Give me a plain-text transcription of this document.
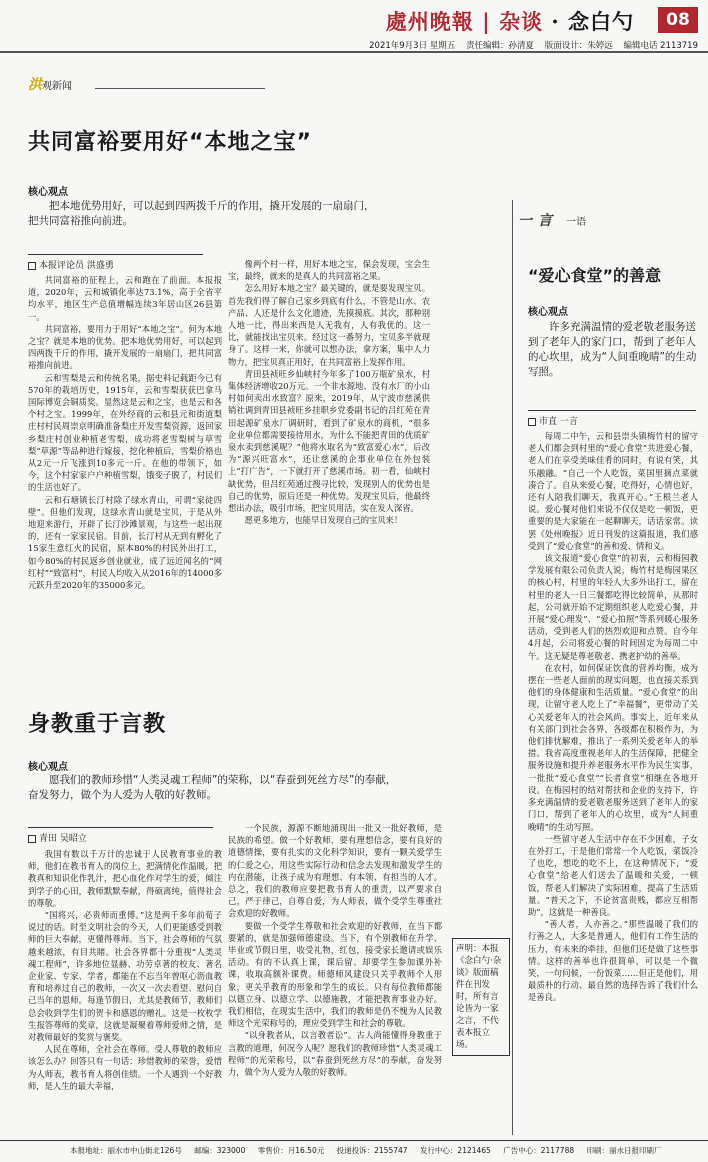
處州晚報 | 杂谈 · 念白勺	08
2021年9月3日 星期五 责任编辑：孙清夏 版面设计：朱婷远 编辑电话 2113719
洪观新闻
共同富裕要用好“本地之宝”
核心观点
把本地优势用好，可以起到四两拨千斤的作用，撬开发展的一扇扇门，把共同富裕推向前进。
本报评论员 洪盛勇

共同富裕的征程上，云和跑在了前面。本报报道，2020年，云和城镇化率达73.1%，高于全省平均水平，地区生产总值增幅连续3年居山区26县第一。

共同富裕，要用力于用好“本地之宝”。何为本地之宝？就是本地的优势。把本地优势用好，可以起到四两拨千斤的作用，撬开发展的一扇扇门，把共同富裕推向前进。

云和雪梨是云和传统名果，据史料记载距今已有570年的栽培历史，1915年，云和雪梨获获巴拿马国际博览会铜质奖。显然这是云和之宝，也是云和各个村之宝。1999年，在外经商的云和县元和街道梨庄村村民周崇京明确准备梨庄开发雪梨资源，返回家乡梨庄村创业种植老雪梨，成功将老雪梨树与草雪梨“草源”等品种进行嫁接，挖化种植后，雪梨价格也从2元一斤飞涨到10多元一斤。在他的带领下，如今，这个村家家户户种植雪梨，饿变子脱了，村民们的生活也好了。

云和石塘镇长汀村除了绿水青山，可谓“家徒四壁”。但他们发现，这绿水青山就是宝贝，于是从外地迎来游行，开辟了长汀沙滩景观，与这些一起出现的，还有一家家民宿。目前，长汀村从无到有孵化了15家生意红火的民宿，原本80%的村民外出打工，如今80%的村民返乡创业就业，成了远近闻名的“网红村”“致富村”，村民人均收入从2016年的14000多元跃升至2020年的35000多元。

像两个村一样，用好本地之宝，保会发现，宝会生宝，最终，就来的是真人的共同富裕之果。

怎么用好本地之宝？最关键的，就是要发现宝贝。首先我们得了解自己家乡到底有什么，不管是山水、农产品、人还是什么文化遗迹，先摸摸底。其次，那种别人地一比，得出来西是人无我有，人有我优的。这一比，就能找出宝贝来。经过这一番努力，宝贝多半就现身了。这样一来，你就可以想办法，拿方案，集中人力物力，把宝贝真正用好，在共同富裕上发挥作用。

青田县祯旺乡仙峡村今年多了100万瓶矿泉水，村集体经济增收20万元。一个非水源地、没有水厂的小山村如何卖出水致富？原来，2019年，从宁波市慈溪供销社调到青田县祯旺乡挂职乡党委副书记的吕红苑在青田起源矿泉水厂调研时，看到了矿泉水的商机，“很多企业单位都需要接待用水，为什么不能把青田的优质矿泉水卖到慈溪呢？”他将水取名为“致富爱心水”，后改为“源兴旺富水”，还让慈溪的企事业单位在外包装上“打广告”，一下就打开了慈溪市场。初一看，仙峡村缺优势，但吕红苑通过搜寻比较，发现别人的优势也是自己的优势，原后还是一种优势。发现宝贝后，他最终想出办法，吸引市场，把宝贝用活，实在发人深省。

愿更多地方，也能早日发现自己的宝贝来！

身教重于言教
核心观点
愿我们的教师珍惜“人类灵魂工程师”的荣称，以“春蚕到死丝方尽”的奉献，奋发努力，做个为人爱为人敬的好教师。
青田 吴昭立

我国有数以千万计的忠诚于人民教育事业的教师，他们在教书育人的岗位上，把满情化作温暖，把教真和知识化作乳汁，把心血化作对学生的爱，倾注到学子的心田，教师默默奉献，得硕离纯，值得社会的尊敬。

“国将兴，必贵师而重傅。”这是两千多年前荀子说过的话。时至文明社会的今天，人们更能感受到教师的巨大奉献，更懂得尊师。当下，社会尊师的气氛越来越浓，有目共睹。社会各界都十分重视“人类灵魂工程师”，许多地位显赫、功劳卓著的校友、著名企业家、专家、学者，都能在不忘当年曾呕心沥血教育和培养过自己的教师，一次又一次去看望、慰问自己当年的恩师。每逢节假日，尤其是教师节，教师们总会收到学生们的贺卡和感恩的赠礼。这是一枚枚学生报答尊师的奖章，这就是凝聚着尊师爱师之情，是对教师最好的奖赏与褒奖。

人民在尊师，全社会在尊师。受人尊敬的教师应该怎么办？回答只有一句话：珍惜教师的荣誉，爱惜为人师表，教书育人将创佳绩。一个人遇到一个好教师，是人生的最大幸福，

一个民族，源源不断地涌现出一批又一批好教师，是民族的希望。做一个好教师，要有理想信念，要有良好的道德情操，要有扎实的文化科学知识，要有一颗关爱学生的仁爱之心，用这些实际行动和信念去发现和激发学生的内在潜能，让孩子成为有理想、有本领、有担当的人才。总之，我们的教师应要把教书育人的重责，以严要求自己，严于律己，自尊自爱，为人师表，做个受学生尊重社会欢迎的好教师。

要做一个受学生尊敬和社会欢迎的好教师，在当下都要紧的，就是加强师德建设。当下，有个别教师在升学、毕业或节假日里，收受礼物，红包，接受家长邀请或娱乐活动。有的不认真上课，课后留、却要学生参加课外补课，收取高额补课费。师德师风建设只关乎教师个人形象，更关乎教育的形象和学生的成长。只有每位教师都能以德立身、以德立学、以德施教，才能把教育事业办好。我们相信，在现实生活中，我们的教师是仍不愧为人民教师这个光荣称号的，理应受到学生和社会的尊敬。

“以身教者从，以言教者讼”。古人尚能懂得身教重于言教的道理，何况今人呢？愿我们的教师珍惜“人类灵魂工程师”的光荣称号，以“春蚕到死丝方尽”的奉献，奋发努力，做个为人爱为人敬的好教师。

声明：本报《念白勺·杂谈》版面稿件在刊发时，所有言论皆为一家之言，不代表本报立场。
一言 一语
“爱心食堂”的善意
核心观点
许多充满温情的爱老敬老服务送到了老年人的家门口，帮到了老年人的心坎里，成为“人间重晚晴”的生动写照。
市直 一言

每周二中午，云和县崇头镇梅竹村的留守老人们都会到村里的“爱心食堂”共进爱心餐，老人们在享受美味佳肴的同时，有说有笑，其乐融融。“自己一个人吃饭，菜国里摘点菜就凑合了。自从来爱心餐，吃得好，心情也好，还有人陪我们聊天，我真开心。”王根兰老人说。爱心餐对他们来说不仅仅是吃一顿饭，更重要的是大家能在一起聊聊天，话话家常。读罢《处州晚报》近日刊发的这篇报道，我们感受到了“爱心食堂”的善和爱、情和义。

该文报道“爱心食堂”的初衷，云和梅园教学发展有限公司负责人说，梅竹村是梅园果区的核心村，村里的年轻人大多外出打工，留在村里的老人一日三餐都吃得比较简单，从那时起，公司就开始不定期组织老人吃爱心餐，并开展“爱心理发”、“爱心拍照”等系列暖心服务活动，受到老人们的热烈欢迎和点赞。自今年4月起，公司将爱心餐的时间固定为每周二中午。这无疑是尊老敬老、携老护幼的善举。

在农村，如何保证饮食的营养均衡，成为摆在一些老人面前的现实问题，也直接关系到他们的身体健康和生活质量。“爱心食堂”的出现，让留守老人吃上了“幸福餐”，更带动了关心关爱老年人的社会风尚。事实上，近年来从有关部门到社会各界，各级都在积极作为，为他们排忧解难，推出了一系列关爱老年人的举措。我省高度重视老年人的生活保障，把健全服务设施和提升养老服务水平作为民生实事，一批批“爱心食堂”“长者食堂”相继在各地开设。在梅园村的结对帮扶和企业的支持下，许多充满温情的爱老敬老服务送到了老年人的家门口，帮到了老年人的心坎里，成为“人间重晚晴”的生动写照。

一些留守老人生活中存在不少困难，子女在外打工，于是他们常常一个人吃饭，菜饭冷了也吃，想吃的吃不上，在这种情况下，“爱心食堂”给老人们送去了温暖和关爱，一顿饭，帮老人们解决了实际困难，提高了生活质量。“普天之下，不论贫富贵贱，都应互相帮助”，这就是一种善良。

“善人者，人亦善之。”那些温暖了我们的行善之人，大多是普通人，他们有工作生活的压力，有未来的牵挂，但他们还是做了这些事情。这样的善举也许很简单，可以是一个微笑，一句问候，一份饭菜……但正是他们，用最质朴的行动、最自然的选择告诉了我们什么是善良。

本报地址：丽水市中山街北126号 邮编：323000 零售价：月16.50元 投递投诉：2155747 发行中心：2121465 广告中心：2117788 印刷：丽水日报印刷厂
